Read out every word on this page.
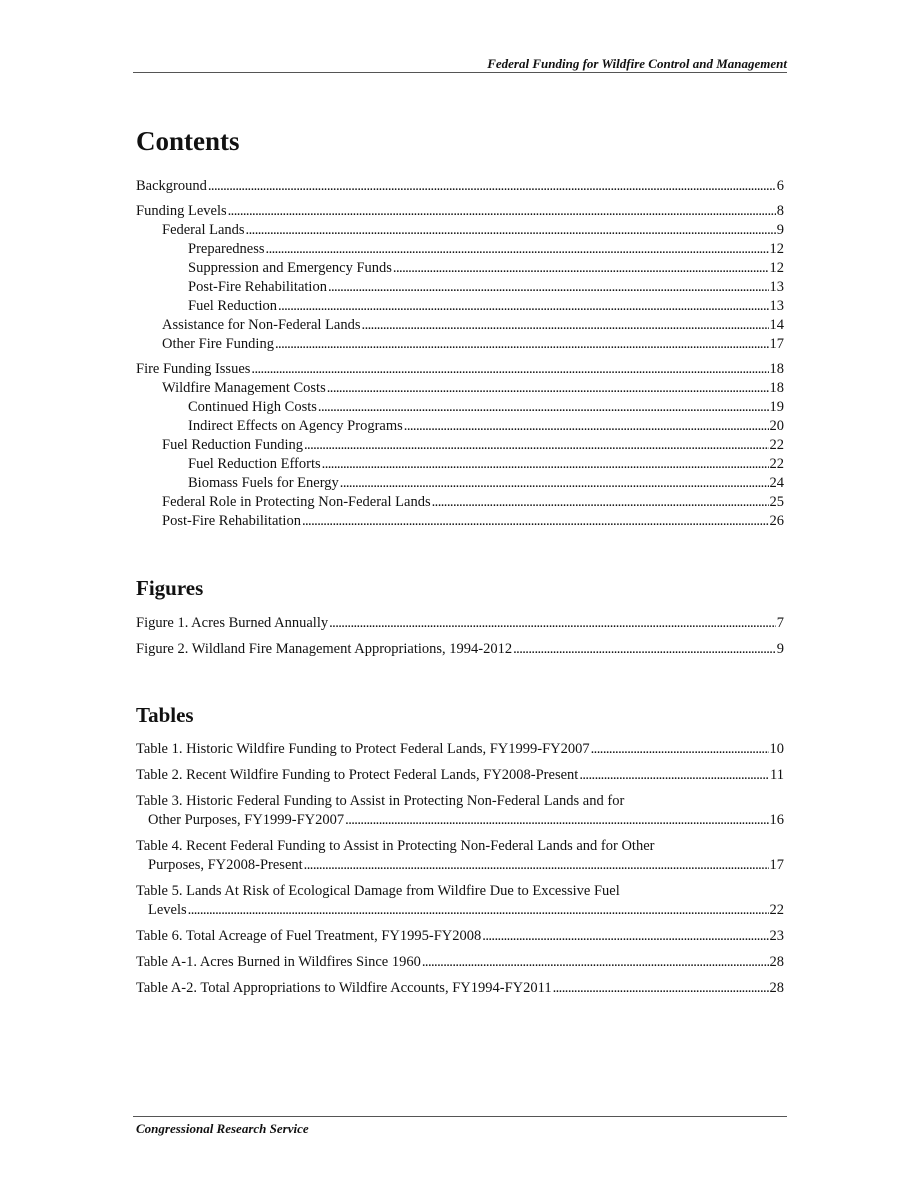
Federal Funding for Wildfire Control and Management
Contents
Background . . .	6
Funding Levels . . .	8
Federal Lands . . .	9
Preparedness . . .	12
Suppression and Emergency Funds . . .	12
Post-Fire Rehabilitation . . .	13
Fuel Reduction . . .	13
Assistance for Non-Federal Lands . . .	14
Other Fire Funding . . .	17
Fire Funding Issues . . .	18
Wildfire Management Costs . . .	18
Continued High Costs . . .	19
Indirect Effects on Agency Programs . . .	20
Fuel Reduction Funding . . .	22
Fuel Reduction Efforts . . .	22
Biomass Fuels for Energy . . .	24
Federal Role in Protecting Non-Federal Lands . . .	25
Post-Fire Rehabilitation . . .	26
Figures
Figure 1. Acres Burned Annually . . .	7
Figure 2. Wildland Fire Management Appropriations, 1994-2012 . . .	9
Tables
Table 1. Historic Wildfire Funding to Protect Federal Lands, FY1999-FY2007 . . .	10
Table 2. Recent Wildfire Funding to Protect Federal Lands, FY2008-Present . . .	11
Table 3. Historic Federal Funding to Assist in Protecting Non-Federal Lands and for
Other Purposes, FY1999-FY2007 . . .	16
Table 4. Recent Federal Funding to Assist in Protecting Non-Federal Lands and for Other
Purposes, FY2008-Present . . .	17
Table 5. Lands At Risk of Ecological Damage from Wildfire Due to Excessive Fuel
Levels . . .	22
Table 6. Total Acreage of Fuel Treatment, FY1995-FY2008 . . .	23
Table A-1. Acres Burned in Wildfires Since 1960 . . .	28
Table A-2. Total Appropriations to Wildfire Accounts, FY1994-FY2011 . . .	28
Congressional Research Service
